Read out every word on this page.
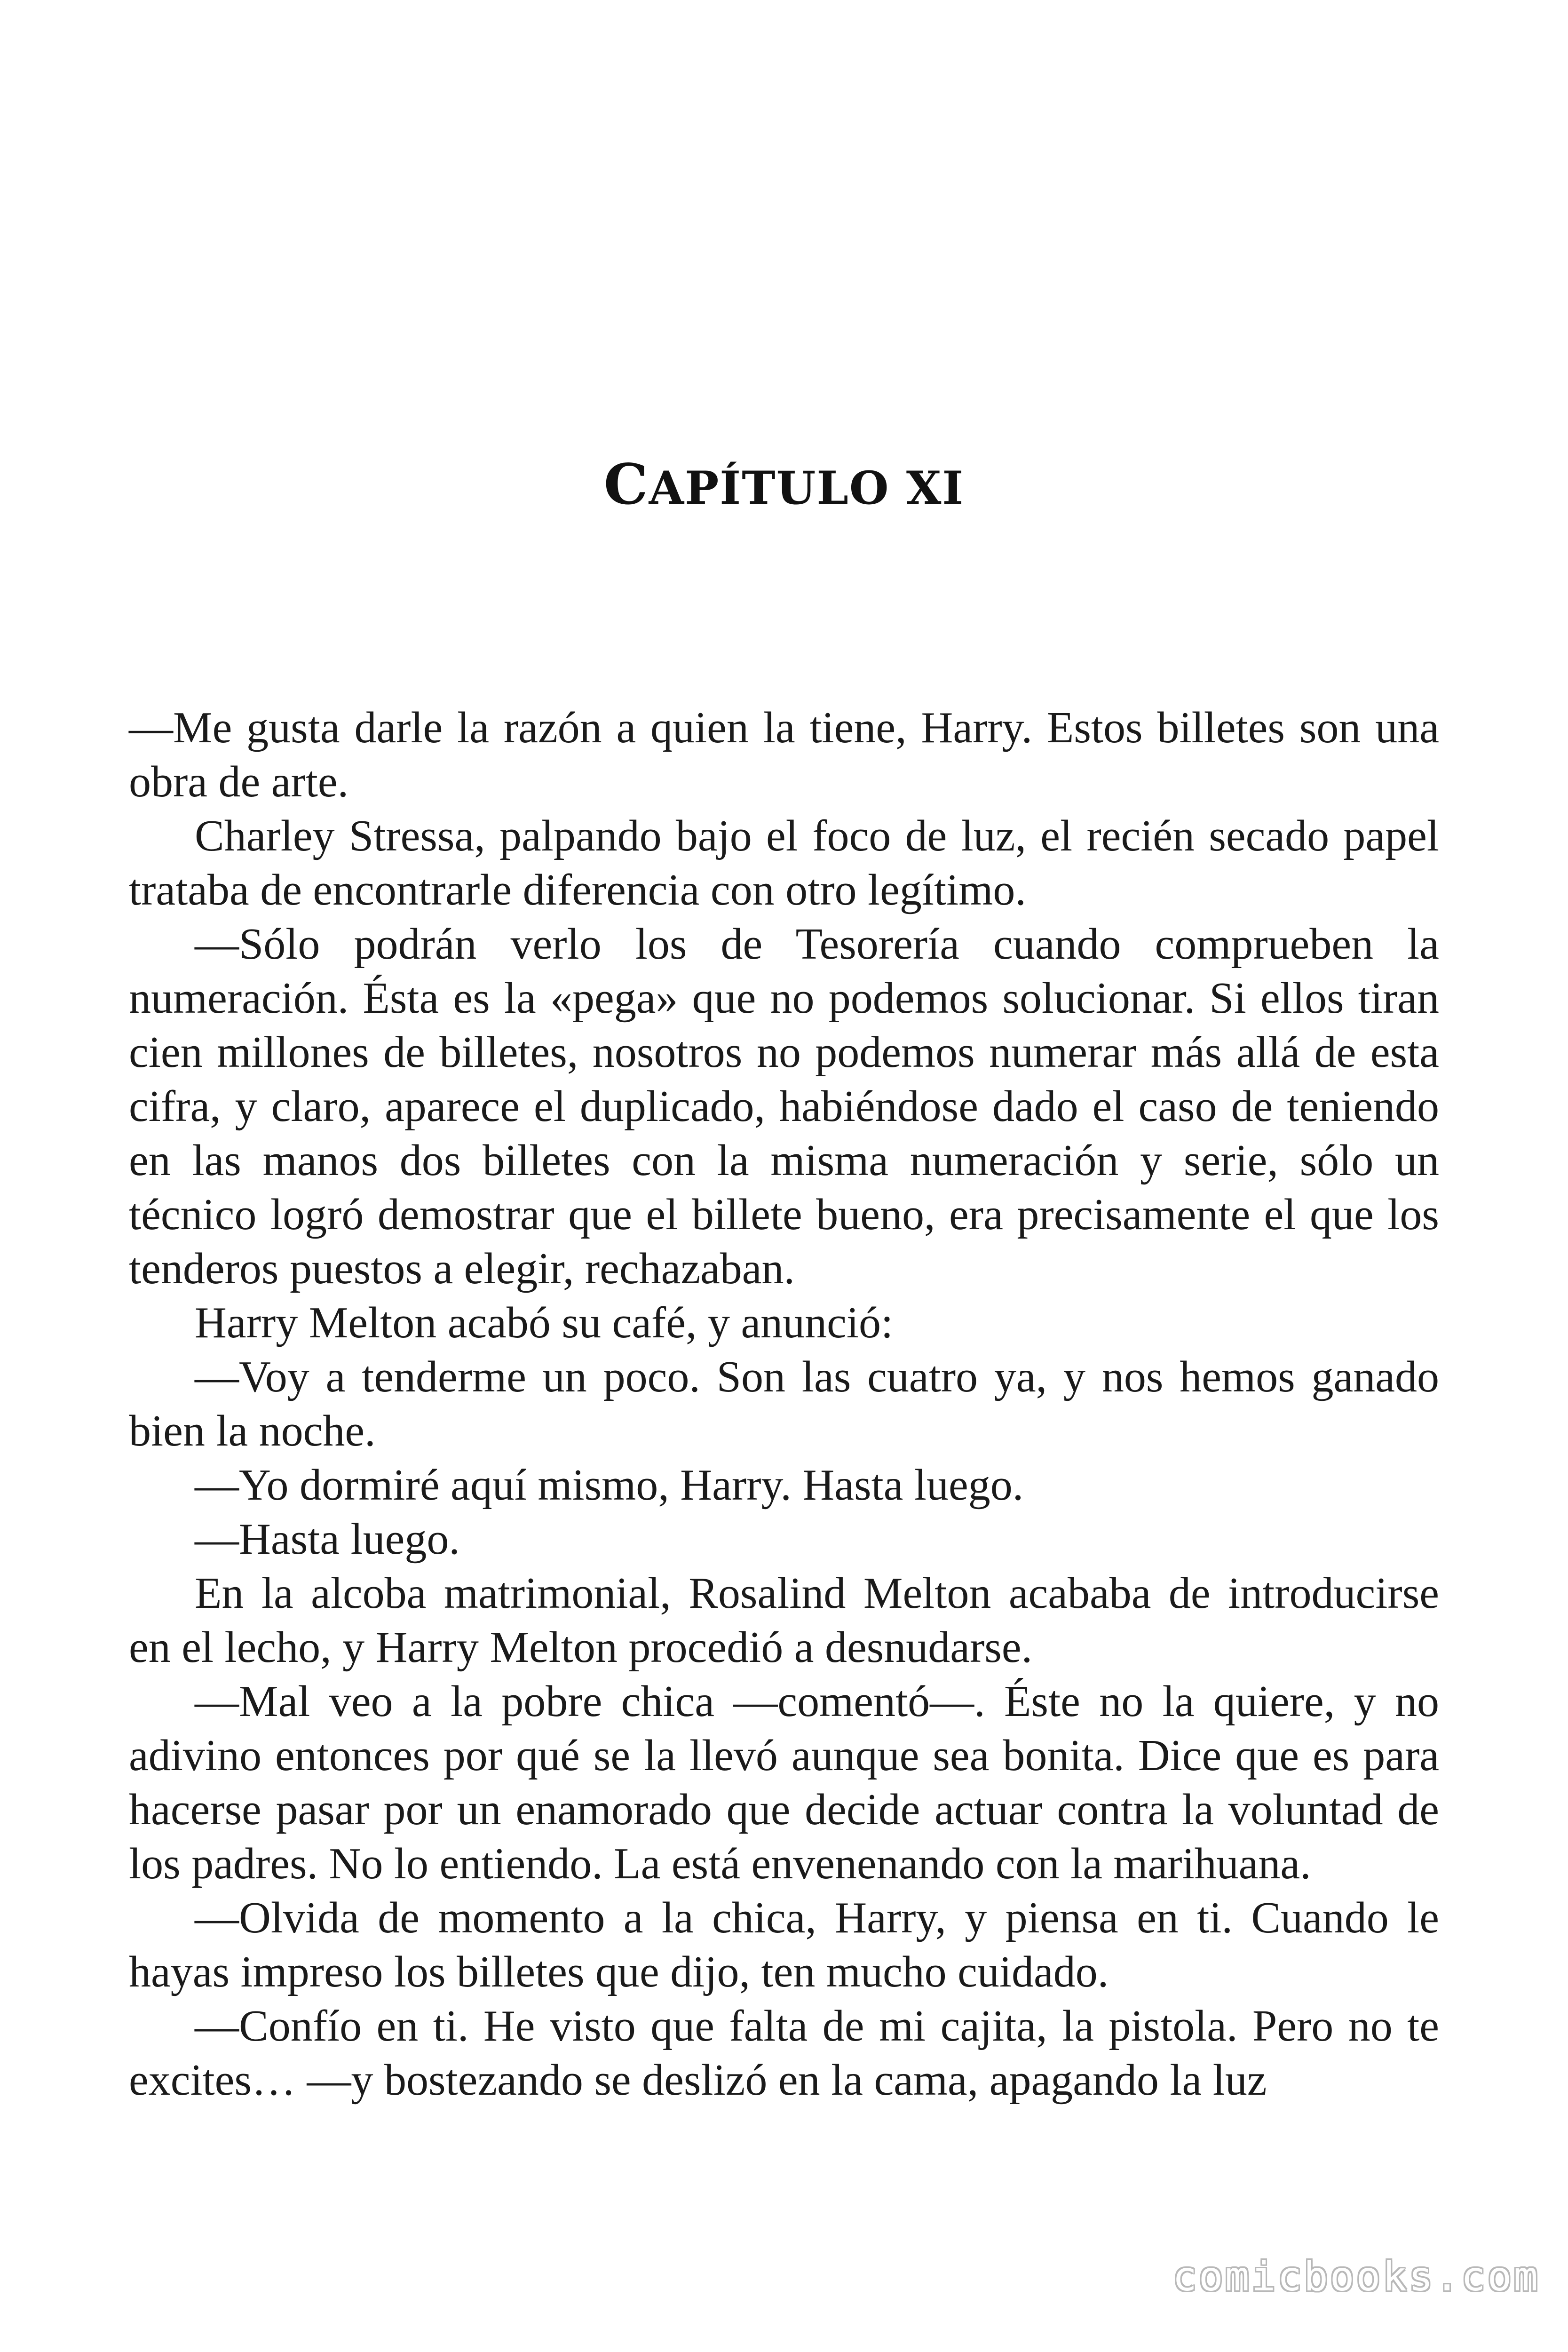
CAPÍTULO XI

—Me gusta darle la razón a quien la tiene, Harry. Estos billetes son una obra de arte.

Charley Stressa, palpando bajo el foco de luz, el recién secado papel trataba de encontrarle diferencia con otro legítimo.

—Sólo podrán verlo los de Tesorería cuando comprueben la numeración. Ésta es la «pega» que no podemos solucionar. Si ellos tiran cien millones de billetes, nosotros no podemos numerar más allá de esta cifra, y claro, aparece el duplicado, habiéndose dado el caso de teniendo en las manos dos billetes con la misma numeración y serie, sólo un técnico logró demostrar que el billete bueno, era precisamente el que los tenderos puestos a elegir, rechazaban.

Harry Melton acabó su café, y anunció:

—Voy a tenderme un poco. Son las cuatro ya, y nos hemos ganado bien la noche.

—Yo dormiré aquí mismo, Harry. Hasta luego.

—Hasta luego.

En la alcoba matrimonial, Rosalind Melton acababa de introducirse en el lecho, y Harry Melton procedió a desnudarse.

—Mal veo a la pobre chica —comentó—. Éste no la quiere, y no adivino entonces por qué se la llevó aunque sea bonita. Dice que es para hacerse pasar por un enamorado que decide actuar contra la voluntad de los padres. No lo entiendo. La está envenenando con la marihuana.

—Olvida de momento a la chica, Harry, y piensa en ti. Cuando le hayas impreso los billetes que dijo, ten mucho cuidado.

—Confío en ti. He visto que falta de mi cajita, la pistola. Pero no te excites… —y bostezando se deslizó en la cama, apagando la luz

comicbooks.com
